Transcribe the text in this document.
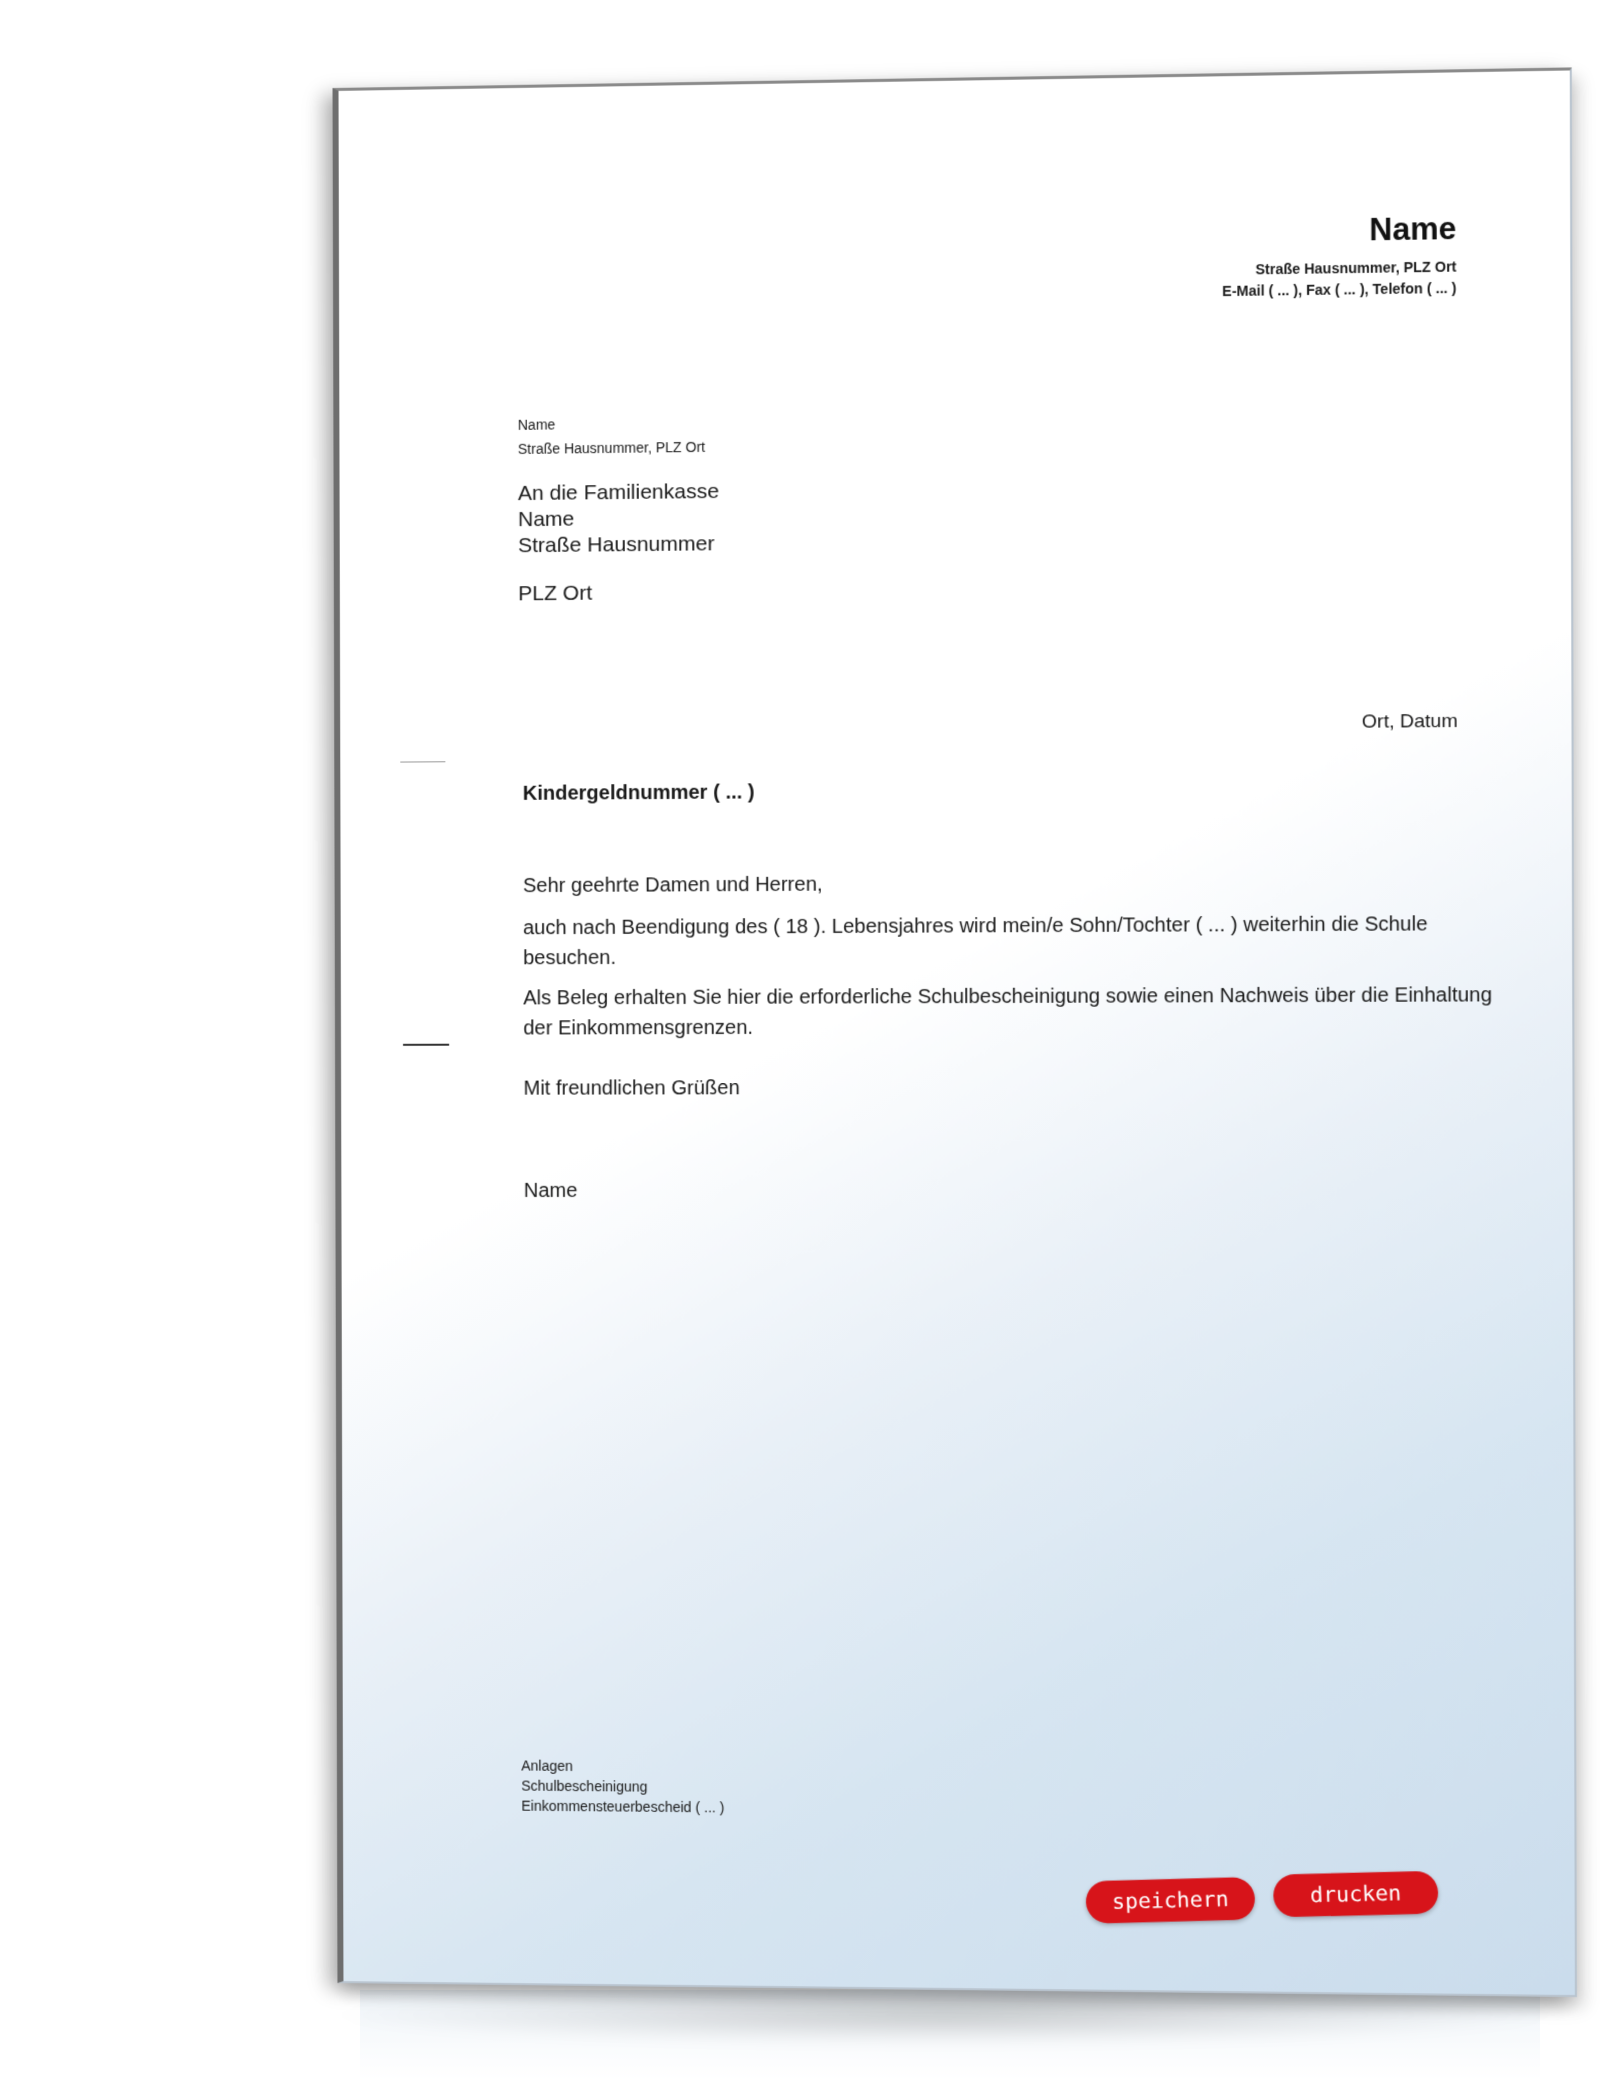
Name
Straße Hausnummer, PLZ Ort
E-Mail ( ... ), Fax ( ... ), Telefon ( ... )
Name
Straße Hausnummer, PLZ Ort
An die Familienkasse
Name
Straße Hausnummer
PLZ Ort
Ort, Datum
Kindergeldnummer ( ... )
Sehr geehrte Damen und Herren,
auch nach Beendigung des ( 18 ). Lebensjahres wird mein/e Sohn/Tochter ( ... ) weiterhin die Schule besuchen.
Als Beleg erhalten Sie hier die erforderliche Schulbescheinigung sowie einen Nachweis über die Einhaltung der Einkommensgrenzen.
Mit freundlichen Grüßen
Name
Anlagen
Schulbescheinigung
Einkommensteuerbescheid ( ... )
speichern	drucken
